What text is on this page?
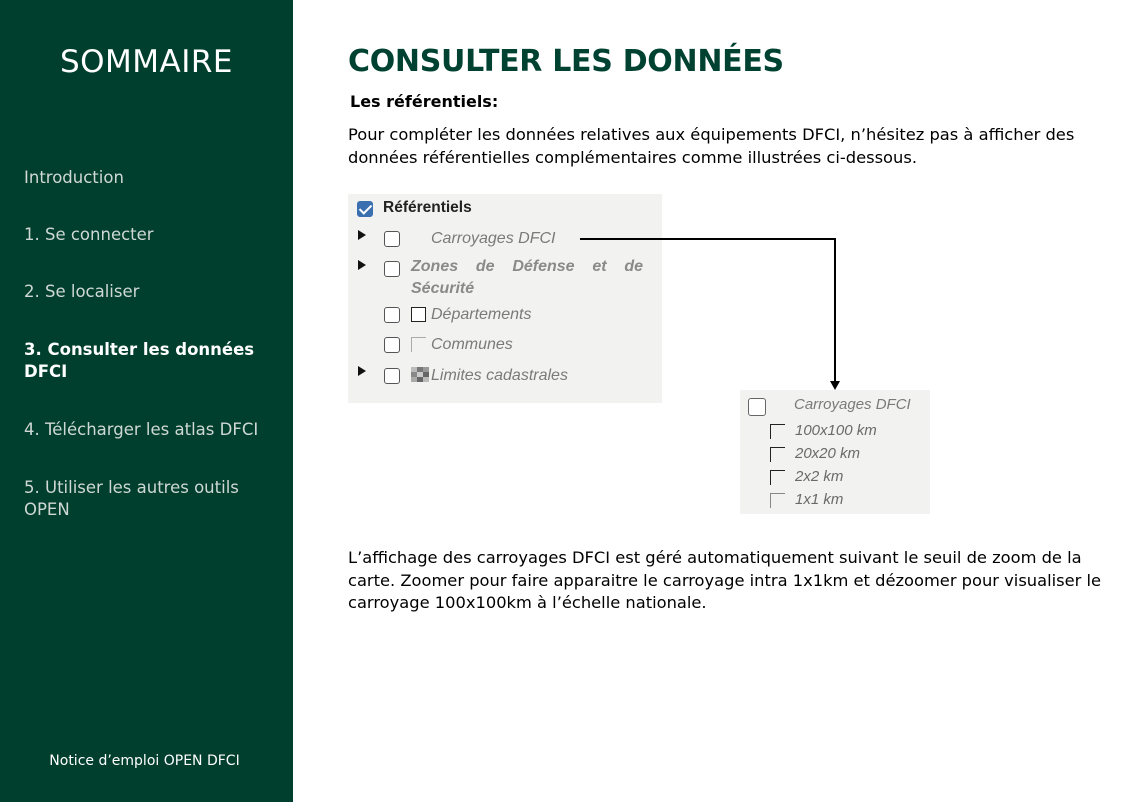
SOMMAIRE
Introduction
1. Se connecter
2. Se localiser
3. Consulter les données DFCI
4. Télécharger les atlas DFCI
5. Utiliser les autres outils OPEN
Notice d’emploi OPEN DFCI
CONSULTER LES DONNÉES
Les référentiels:
Pour compléter les données relatives aux équipements DFCI, n’hésitez pas à afficher des données référentielles complémentaires comme illustrées ci-dessous.
Référentiels
Carroyages DFCI
Zones de Défense et de Sécurité
Départements
Communes
Limites cadastrales
Carroyages DFCI
100x100 km
20x20 km
2x2 km
1x1 km
L’affichage des carroyages DFCI est géré automatiquement suivant le seuil de zoom de la carte. Zoomer pour faire apparaitre le carroyage intra 1x1km et dézoomer pour visualiser le carroyage 100x100km à l’échelle nationale.
